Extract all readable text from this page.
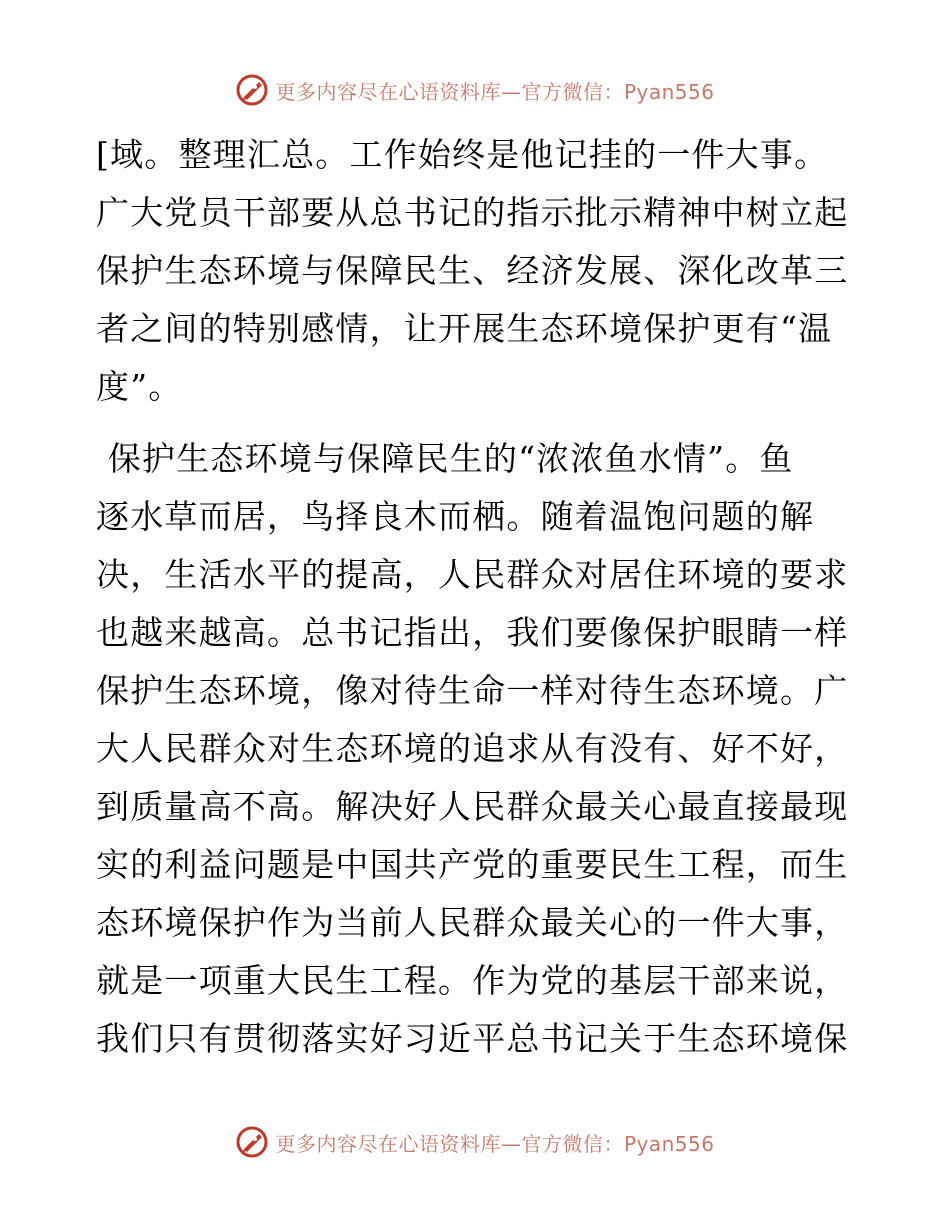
更多内容尽在心语资料库—官方微信：Pyan556
[域。整理汇总。工作始终是他记挂的一件大事。
广大党员干部要从总书记的指示批示精神中树立起
保护生态环境与保障民生、经济发展、深化改革三
者之间的特别感情，让开展生态环境保护更有“温
度”。
保护生态环境与保障民生的“浓浓鱼水情”。鱼
逐水草而居，鸟择良木而栖。随着温饱问题的解
决，生活水平的提高，人民群众对居住环境的要求
也越来越高。总书记指出，我们要像保护眼睛一样
保护生态环境，像对待生命一样对待生态环境。广
大人民群众对生态环境的追求从有没有、好不好，
到质量高不高。解决好人民群众最关心最直接最现
实的利益问题是中国共产党的重要民生工程，而生
态环境保护作为当前人民群众最关心的一件大事，
就是一项重大民生工程。作为党的基层干部来说，
我们只有贯彻落实好习近平总书记关于生态环境保
更多内容尽在心语资料库—官方微信：Pyan556
